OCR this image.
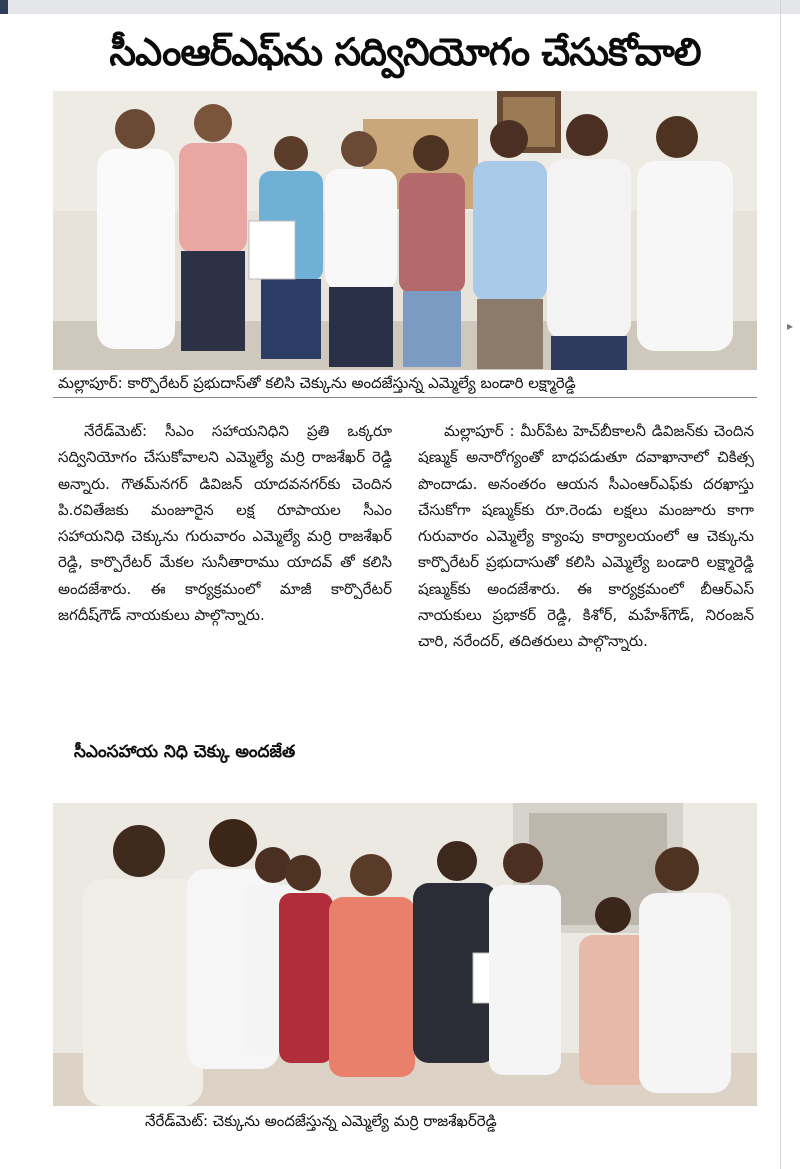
▸
సీఎంఆర్‌ఎఫ్‌ను సద్వినియోగం చేసుకోవాలి
మల్లాపూర్: కార్పొరేటర్ ప్రభుదాస్‌తో కలిసి చెక్కును అందజేస్తున్న ఎమ్మెల్యే బండారి లక్ష్మారెడ్డి

నేరేడ్‌మెట్: సీఎం సహాయనిధిని ప్రతి ఒక్కరూ సద్వినియోగం చేసుకోవాలని ఎమ్మెల్యే మర్రి రాజశేఖర్ రెడ్డి అన్నారు. గౌతమ్‌నగర్ డివిజన్ యాదవనగర్‌కు చెందిన పి.రవితేజకు మంజూరైన లక్ష రూపాయల సీఎం సహాయనిధి చెక్కును గురువారం ఎమ్మెల్యే మర్రి రాజశేఖర్ రెడ్డి, కార్పొరేటర్ మేకల సునీతారాము యాదవ్ తో కలిసి అందజేశారు. ఈ కార్యక్రమంలో మాజీ కార్పొరేటర్ జగదీష్‌గౌడ్ నాయకులు పాల్గొన్నారు.

సీఎంసహాయ నిధి చెక్కు అందజేత

మల్లాపూర్ : మీర్‌పేట హెచ్‌బీకాలనీ డివిజన్‌కు చెందిన షణ్ముక్ అనారోగ్యంతో బాధపడుతూ దవాఖానాలో చికిత్స పొందాడు. అనంతరం ఆయన సీఎంఆర్‌ఎఫ్‌కు దరఖాస్తు చేసుకోగా షణ్ముక్‌కు రూ.రెండు లక్షలు మంజూరు కాగా గురువారం ఎమ్మెల్యే క్యాంపు కార్యాలయంలో ఆ చెక్కును కార్పొరేటర్ ప్రభుదాసుతో కలిసి ఎమ్మెల్యే బండారి లక్ష్మారెడ్డి షణ్ముక్‌కు అందజేశారు. ఈ కార్యక్రమంలో బీఆర్‌ఎస్ నాయకులు ప్రభాకర్ రెడ్డి, కిశోర్, మహేశ్‌గౌడ్, నిరంజన్ చారి, నరేందర్, తదితరులు పాల్గొన్నారు.

నేరేడ్‌మెట్: చెక్కును అందజేస్తున్న ఎమ్మెల్యే మర్రి రాజశేఖర్‌రెడ్డి
